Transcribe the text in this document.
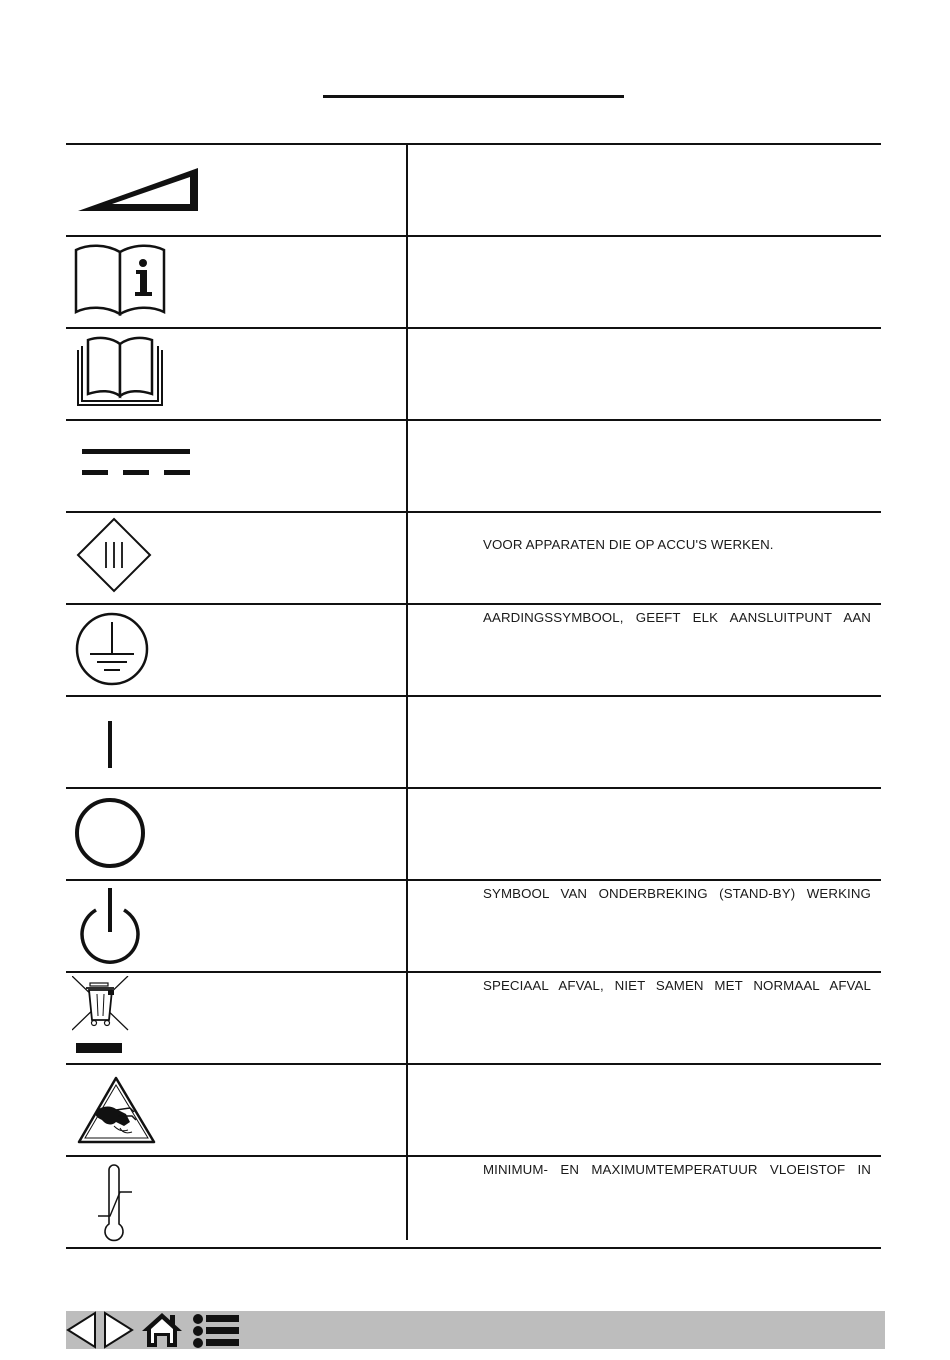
VOOR APPARATEN DIE OP ACCU'S WERKEN.
AARDINGSSYMBOOL, GEEFT ELK AANSLUITPUNT AAN
SYMBOOL VAN ONDERBREKING (STAND-BY) WERKING
SPECIAAL AFVAL, NIET SAMEN MET NORMAAL AFVAL
MINIMUM- EN MAXIMUMTEMPERATUUR VLOEISTOF IN
